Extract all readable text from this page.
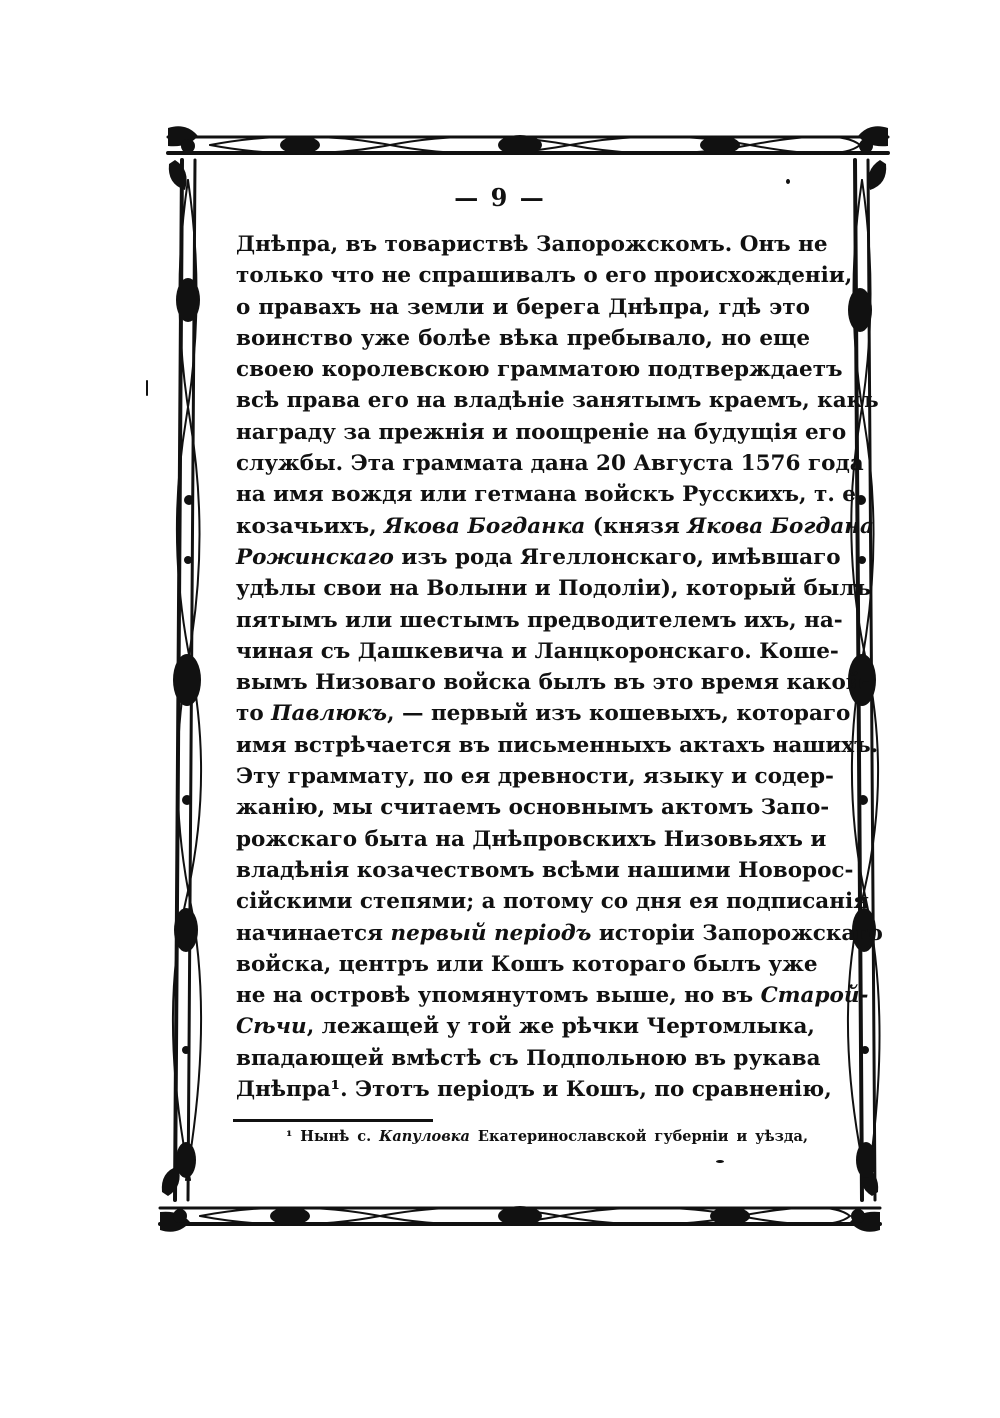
— 9 —
Днѣпра, въ товариствѣ Запорожскомъ. Онъ не
только что не спрашивалъ о его происхожденіи,
о правахъ на земли и берега Днѣпра, гдѣ это
воинство уже болѣе вѣка пребывало, но еще
своею королевскою грамматою подтверждаетъ
всѣ права его на владѣніе занятымъ краемъ, какъ
награду за прежнія и поощреніе на будущія его
службы. Эта граммата дана 20 Августа 1576 года
на имя вождя или гетмана войскъ Русскихъ, т. е.
козачьихъ, Якова Богданка (князя Якова Богдана
Рожинскаго изъ рода Ягеллонскаго, имѣвшаго
удѣлы свои на Волыни и Подоліи), который былъ
пятымъ или шестымъ предводителемъ ихъ, на-
чиная съ Дашкевича и Ланцкоронскаго. Коше-
вымъ Низоваго войска былъ въ это время какой-
то Павлюкъ, — первый изъ кошевыхъ, котораго
имя встрѣчается въ письменныхъ актахъ нашихъ.
Эту граммату, по ея древности, языку и содер-
жанію, мы считаемъ основнымъ актомъ Запо-
рожскаго быта на Днѣпровскихъ Низовьяхъ и
владѣнія козачествомъ всѣми нашими Новорос-
сійскими степями; а потому со дня ея подписанія
начинается первый періодъ исторіи Запорожскаго
войска, центръ или Кошъ котораго былъ уже
не на островѣ упомянутомъ выше, но въ Старой-
Сѣчи, лежащей у той же рѣчки Чертомлыка,
впадающей вмѣстѣ съ Подпольною въ рукава
Днѣпра¹. Этотъ періодъ и Кошъ, по сравненію,
¹ Нынѣ с. Капуловка Екатеринославской губерніи и уѣзда,
